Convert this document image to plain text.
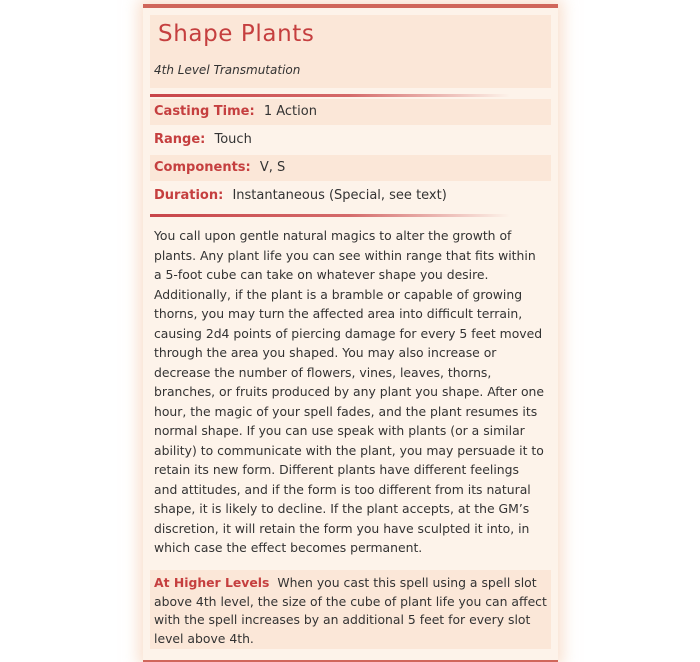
Shape Plants
4th Level Transmutation
Casting Time: 1 Action
Range: Touch
Components: V, S
Duration: Instantaneous (Special, see text)

You call upon gentle natural magics to alter the growth of plants. Any plant life you can see within range that fits within a 5-foot cube can take on whatever shape you desire. Additionally, if the plant is a bramble or capable of growing thorns, you may turn the affected area into difficult terrain, causing 2d4 points of piercing damage for every 5 feet moved through the area you shaped. You may also increase or decrease the number of flowers, vines, leaves, thorns, branches, or fruits produced by any plant you shape. After one hour, the magic of your spell fades, and the plant resumes its normal shape. If you can use speak with plants (or a similar ability) to communicate with the plant, you may persuade it to retain its new form. Different plants have different feelings and attitudes, and if the form is too different from its natural shape, it is likely to decline. If the plant accepts, at the GM’s discretion, it will retain the form you have sculpted it into, in which case the effect becomes permanent.

At Higher Levels When you cast this spell using a spell slot above 4th level, the size of the cube of plant life you can affect with the spell increases by an additional 5 feet for every slot level above 4th.
